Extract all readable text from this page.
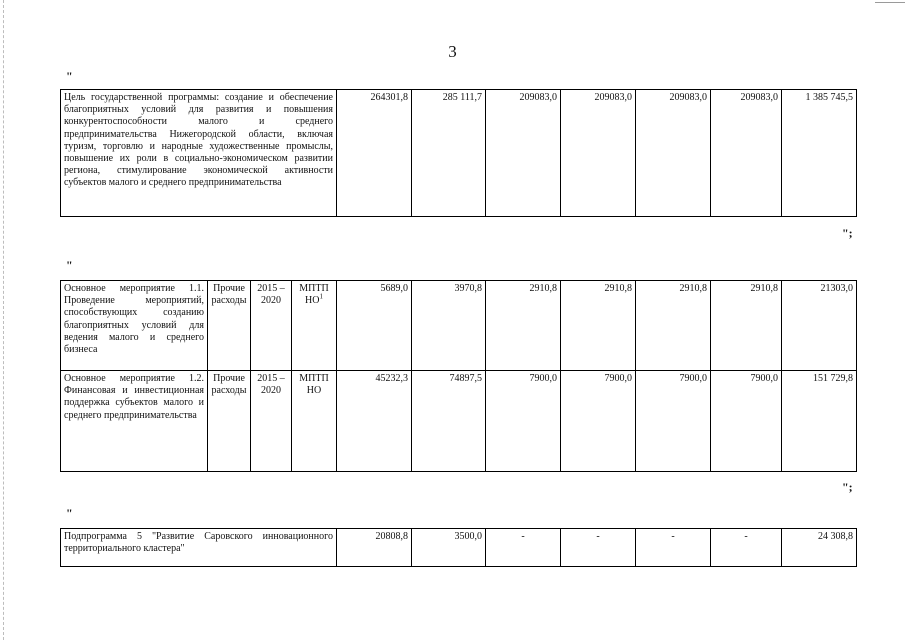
3
"
Цель государственной программы: создание и обеспечение благоприятных условий для развития и повышения конкурентоспособности малого и среднего предпринимательства Нижегородской области, включая туризм, торговлю и народные художественные промыслы, повышение их роли в социально-экономическом развитии региона, стимулирование экономической активности субъектов малого и среднего предпринимательства	264301,8	285 111,7	209083,0	209083,0	209083,0	209083,0	1 385 745,5
";
"
Основное мероприятие 1.1. Проведение мероприятий, способствующих созданию благоприятных условий для ведения малого и среднего бизнеса	Прочие расходы	2015 – 2020	МПТП $НО^1$	5689,0	3970,8	2910,8	2910,8	2910,8	2910,8	21303,0
Основное мероприятие 1.2. Финансовая и инвестиционная поддержка субъектов малого и среднего предпринимательства	Прочие расходы	2015 – 2020	МПТП НО	45232,3	74897,5	7900,0	7900,0	7900,0	7900,0	151 729,8
";
"
Подпрограмма 5 "Развитие Саровского инновационного территориального кластера"	20808,8	3500,0	-	-	-	-	24 308,8
